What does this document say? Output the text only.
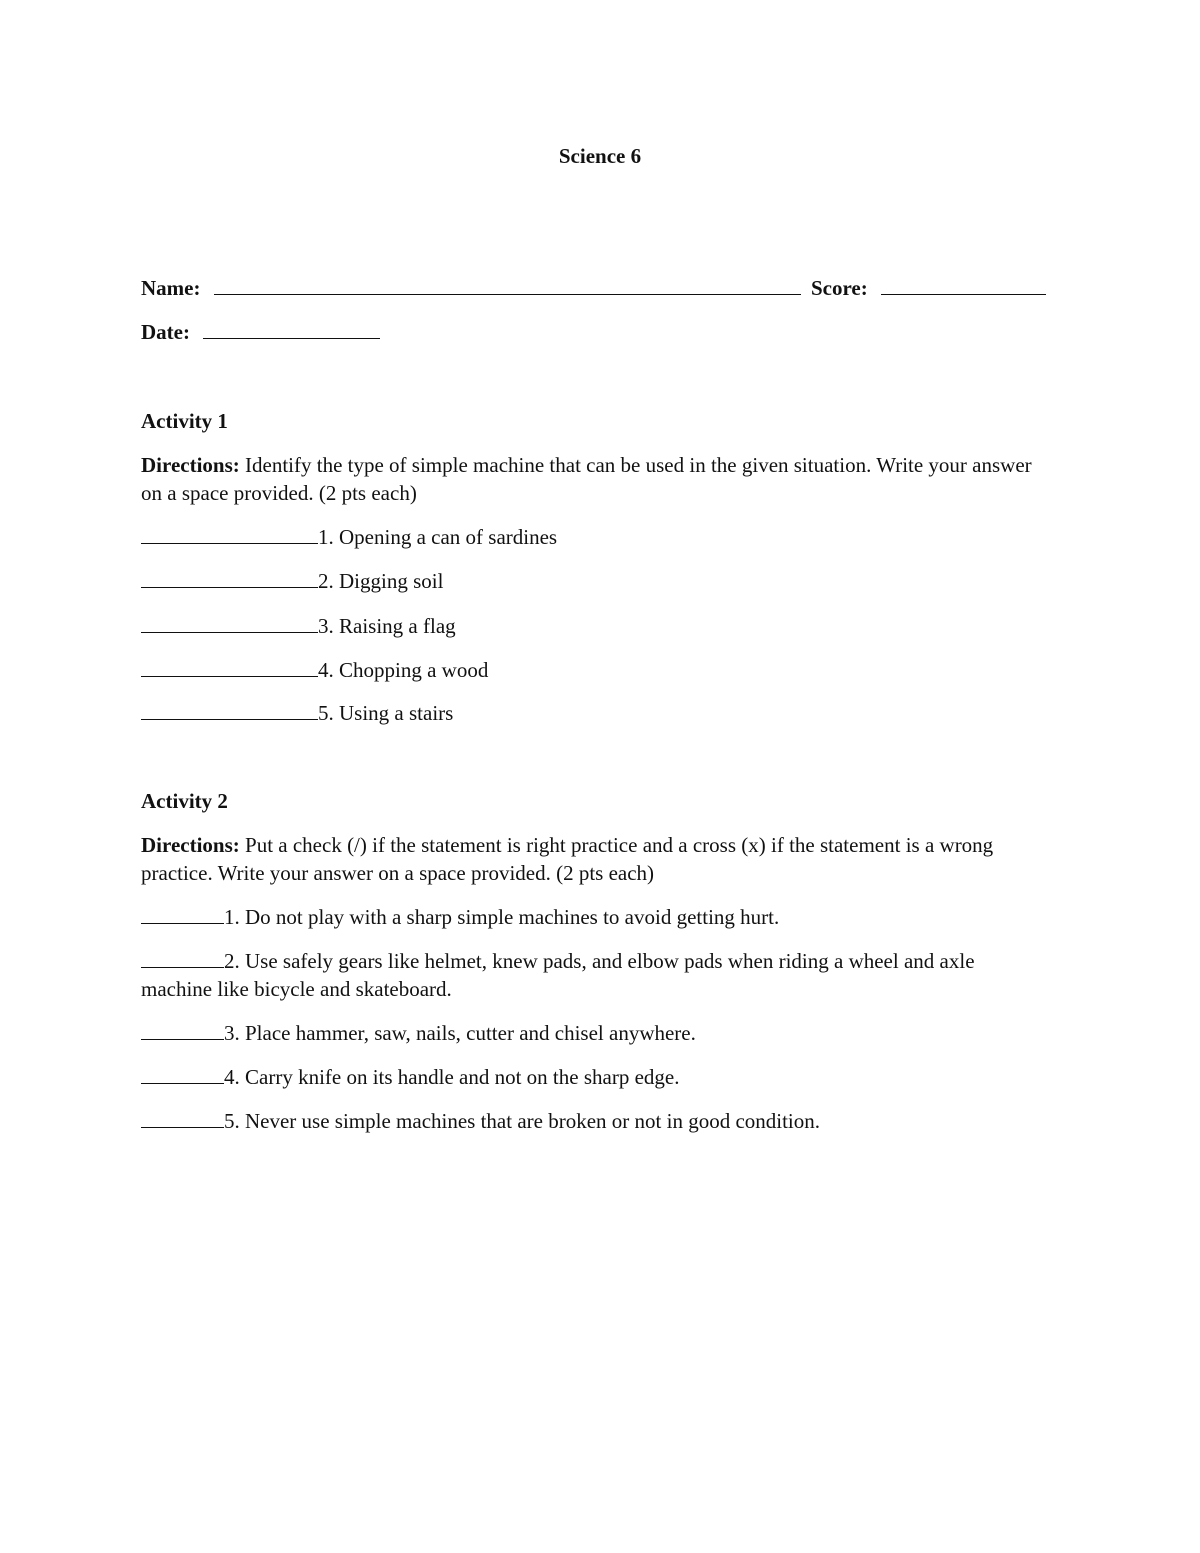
Science 6
Name:	Score:
Date:
Activity 1
Directions: Identify the type of simple machine that can be used in the given situation. Write your answer on a space provided. (2 pts each)
1. Opening a can of sardines
2. Digging soil
3. Raising a flag
4. Chopping a wood
5. Using a stairs
Activity 2
Directions: Put a check (/) if the statement is right practice and a cross (x) if the statement is a wrong practice. Write your answer on a space provided. (2 pts each)
1. Do not play with a sharp simple machines to avoid getting hurt.
2. Use safely gears like helmet, knew pads, and elbow pads when riding a wheel and axle machine like bicycle and skateboard.
3. Place hammer, saw, nails, cutter and chisel anywhere.
4. Carry knife on its handle and not on the sharp edge.
5. Never use simple machines that are broken or not in good condition.
